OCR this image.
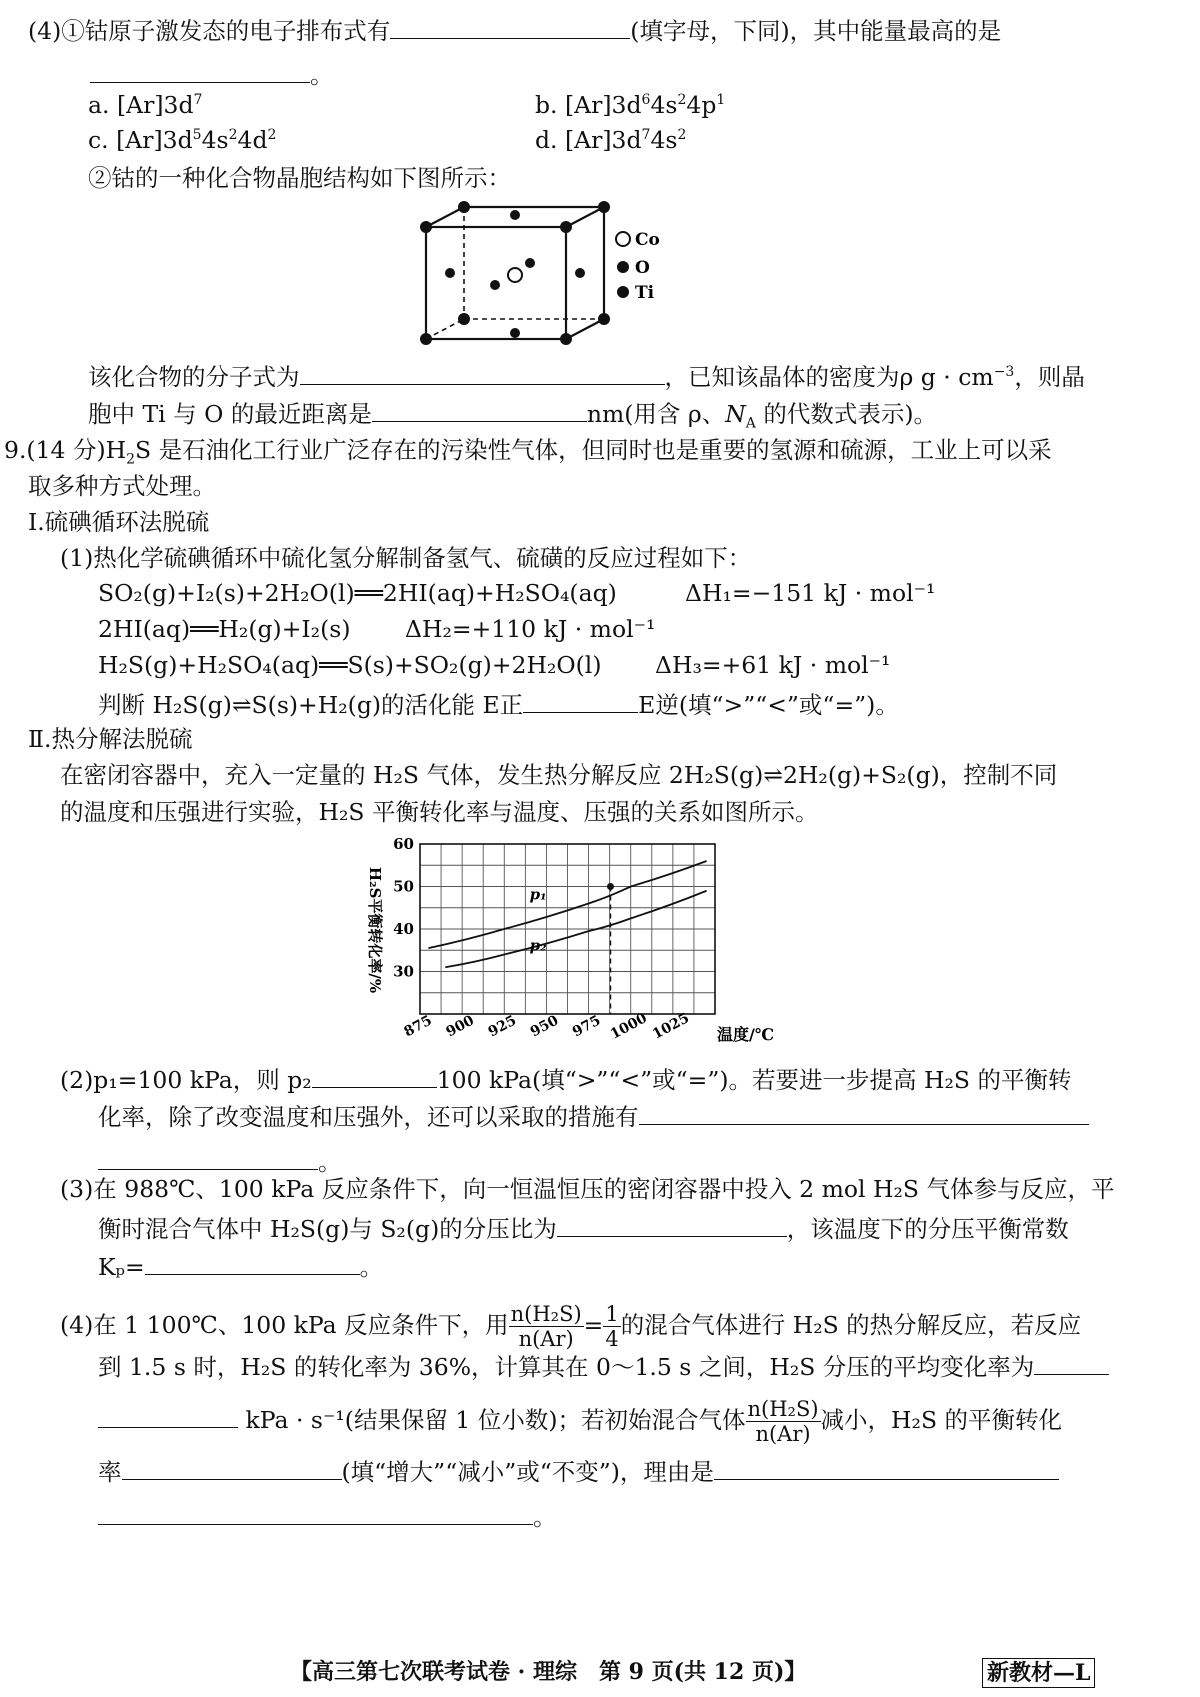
(4)①钴原子激发态的电子排布式有	(填字母，下同)，其中能量最高的是
。
a. $[Ar]3d^7$	b. $[Ar]3d^64s^24p^1$
c. $[Ar]3d^54s^24d^2$	d. $[Ar]3d^74s^2$
②钴的一种化合物晶胞结构如下图所示：
Co
O
Ti
该化合物的分子式为	，已知该晶体的密度为ρ $g \cdot cm^{-3}$，则晶
胞中 Ti 与 O 的最近距离是	nm(用含 ρ、$N_A$ 的代数式表示)。
9.(14 分)$H_2S$ 是石油化工行业广泛存在的污染性气体，但同时也是重要的氢源和硫源，工业上可以采
取多种方式处理。
Ⅰ.硫碘循环法脱硫
(1)热化学硫碘循环中硫化氢分解制备氢气、硫磺的反应过程如下：
SO₂(g)+I₂(s)+2H₂O(l)══2HI(aq)+H₂SO₄(aq)	ΔH₁=−151 kJ · mol⁻¹
2HI(aq)══H₂(g)+I₂(s) ΔH₂=+110 kJ · mol⁻¹
H₂S(g)+H₂SO₄(aq)══S(s)+SO₂(g)+2H₂O(l) ΔH₃=+61 kJ · mol⁻¹
判断 H₂S(g)⇌S(s)+H₂(g)的活化能 E正	E逆(填“>”“<”或“=”)。
Ⅱ.热分解法脱硫
在密闭容器中，充入一定量的 H₂S 气体，发生热分解反应 2H₂S(g)⇌2H₂(g)+S₂(g)，控制不同
的温度和压强进行实验，H₂S 平衡转化率与温度、压强的关系如图所示。
H₂S平衡转化率/% 30
40
50
60
875 900 925 950 975 1000 1025
p₁
p₂
温度/℃
(2)p₁=100 kPa，则 p₂	100 kPa(填“>”“<”或“=”)。若要进一步提高 H₂S 的平衡转
化率，除了改变温度和压强外，还可以采取的措施有
。
(3)在 988℃、100 kPa 反应条件下，向一恒温恒压的密闭容器中投入 2 mol H₂S 气体参与反应，平
衡时混合气体中 H₂S(g)与 S₂(g)的分压比为	，该温度下的分压平衡常数
Kₚ=	。
(4)在 1 100℃、100 kPa 反应条件下，用 $\frac{\text{n(H₂S)}}{n(Ar)} = \frac{1}{4}$ 的混合气体进行 H₂S 的热分解反应，若反应
到 1.5 s 时，H₂S 的转化率为 36%，计算其在 0～1.5 s 之间，H₂S 分压的平均变化率为
kPa · s⁻¹(结果保留 1 位小数)；若初始混合气体 $\frac{\text{n(H₂S)}}{n(Ar)}$ 减小，H₂S 的平衡转化
率	(填“增大”“减小”或“不变”)，理由是
。
【高三第七次联考试卷 · 理综　第 9 页(共 12 页)】	新教材—L
